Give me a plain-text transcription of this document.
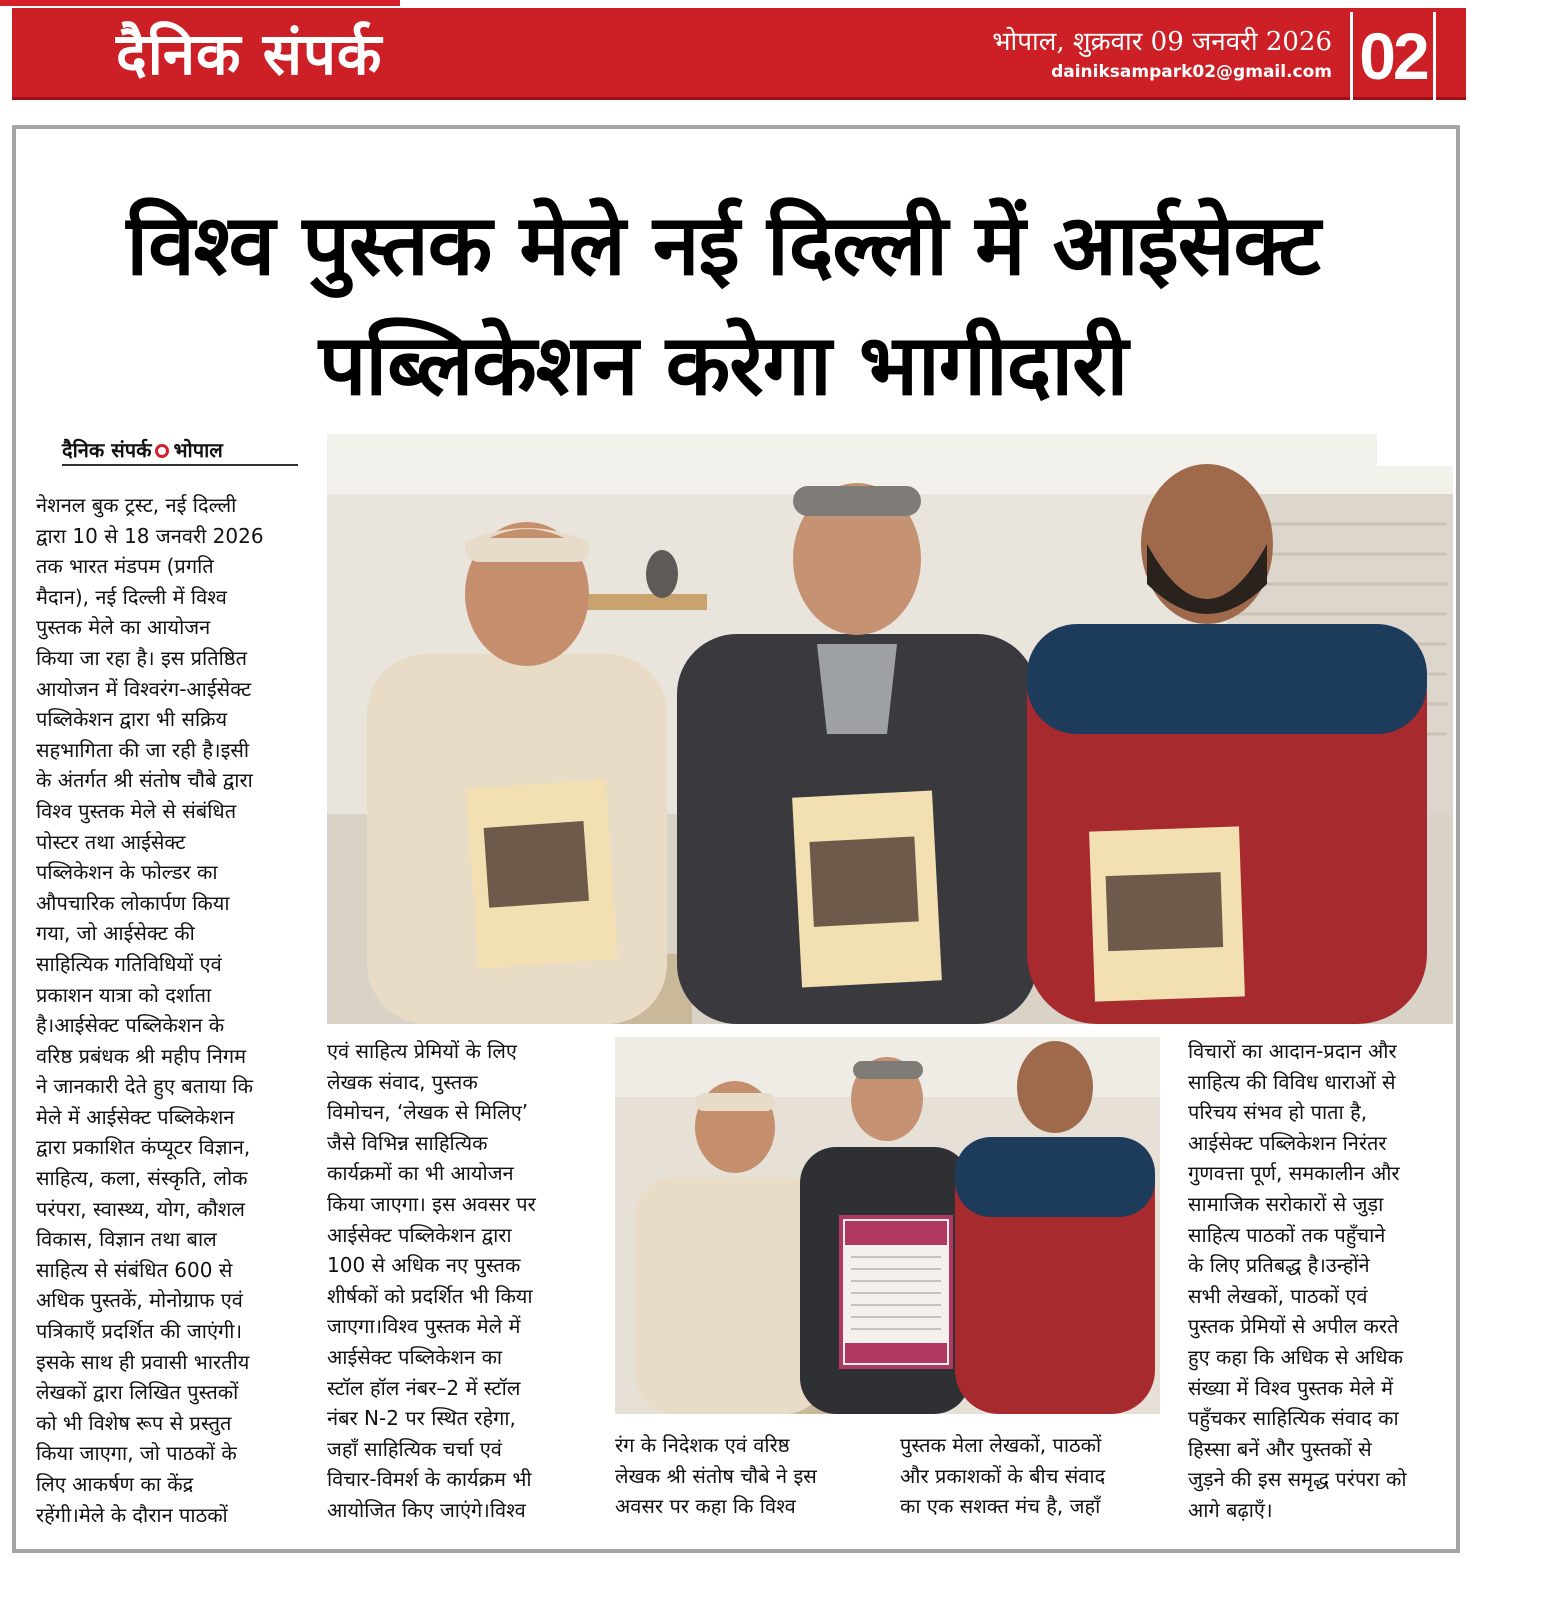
दैनिक संपर्क	भोपाल, शुक्रवार 09 जनवरी 2026
dainiksampark02@gmail.com 02
विश्व पुस्तक मेले नई दिल्ली में आईसेक्ट
पब्लिकेशन करेगा भागीदारी
दैनिक संपर्क भोपाल
नेशनल बुक ट्रस्ट, नई दिल्ली
द्वारा 10 से 18 जनवरी 2026
तक भारत मंडपम (प्रगति
मैदान), नई दिल्ली में विश्व
पुस्तक मेले का आयोजन
किया जा रहा है। इस प्रतिष्ठित
आयोजन में विश्वरंग-आईसेक्ट
पब्लिकेशन द्वारा भी सक्रिय
सहभागिता की जा रही है।इसी
के अंतर्गत श्री संतोष चौबे द्वारा
विश्व पुस्तक मेले से संबंधित
पोस्टर तथा आईसेक्ट
पब्लिकेशन के फोल्डर का
औपचारिक लोकार्पण किया
गया, जो आईसेक्ट की
साहित्यिक गतिविधियों एवं
प्रकाशन यात्रा को दर्शाता
है।आईसेक्ट पब्लिकेशन के
वरिष्ठ प्रबंधक श्री महीप निगम
ने जानकारी देते हुए बताया कि
मेले में आईसेक्ट पब्लिकेशन
द्वारा प्रकाशित कंप्यूटर विज्ञान,
साहित्य, कला, संस्कृति, लोक
परंपरा, स्वास्थ्य, योग, कौशल
विकास, विज्ञान तथा बाल
साहित्य से संबंधित 600 से
अधिक पुस्तकें, मोनोग्राफ एवं
पत्रिकाएँ प्रदर्शित की जाएंगी।
इसके साथ ही प्रवासी भारतीय
लेखकों द्वारा लिखित पुस्तकों
को भी विशेष रूप से प्रस्तुत
किया जाएगा, जो पाठकों के
लिए आकर्षण का केंद्र
रहेंगी।मेले के दौरान पाठकों
एवं साहित्य प्रेमियों के लिए
लेखक संवाद, पुस्तक
विमोचन, ‘लेखक से मिलिए’
जैसे विभिन्न साहित्यिक
कार्यक्रमों का भी आयोजन
किया जाएगा। इस अवसर पर
आईसेक्ट पब्लिकेशन द्वारा
100 से अधिक नए पुस्तक
शीर्षकों को प्रदर्शित भी किया
जाएगा।विश्व पुस्तक मेले में
आईसेक्ट पब्लिकेशन का
स्टॉल हॉल नंबर–2 में स्टॉल
नंबर N-2 पर स्थित रहेगा,
जहाँ साहित्यिक चर्चा एवं
विचार-विमर्श के कार्यक्रम भी
आयोजित किए जाएंगे।विश्व
रंग के निदेशक एवं वरिष्ठ
लेखक श्री संतोष चौबे ने इस
अवसर पर कहा कि विश्व
पुस्तक मेला लेखकों, पाठकों
और प्रकाशकों के बीच संवाद
का एक सशक्त मंच है, जहाँ
विचारों का आदान-प्रदान और
साहित्य की विविध धाराओं से
परिचय संभव हो पाता है,
आईसेक्ट पब्लिकेशन निरंतर
गुणवत्ता पूर्ण, समकालीन और
सामाजिक सरोकारों से जुड़ा
साहित्य पाठकों तक पहुँचाने
के लिए प्रतिबद्ध है।उन्होंने
सभी लेखकों, पाठकों एवं
पुस्तक प्रेमियों से अपील करते
हुए कहा कि अधिक से अधिक
संख्या में विश्व पुस्तक मेले में
पहुँचकर साहित्यिक संवाद का
हिस्सा बनें और पुस्तकों से
जुड़ने की इस समृद्ध परंपरा को
आगे बढ़ाएँ।
